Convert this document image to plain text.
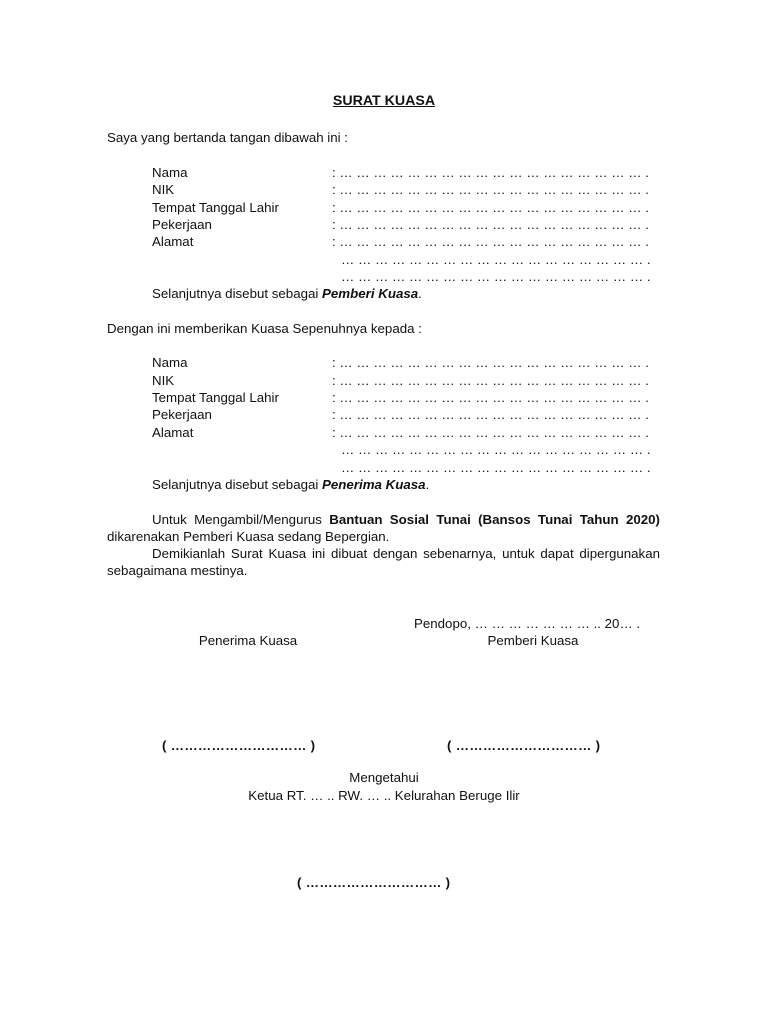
SURAT KUASA
Saya yang bertanda tangan dibawah ini :
Nama	: … … … … … … … … … … … … … … … … … … .
NIK	: … … … … … … … … … … … … … … … … … … .
Tempat Tanggal Lahir	: … … … … … … … … … … … … … … … … … … .
Pekerjaan	: … … … … … … … … … … … … … … … … … … .
Alamat	: … … … … … … … … … … … … … … … … … … .
… … … … … … … … … … … … … … … … … … .
… … … … … … … … … … … … … … … … … … .
Selanjutnya disebut sebagai Pemberi Kuasa.
Dengan ini memberikan Kuasa Sepenuhnya kepada :
Nama	: … … … … … … … … … … … … … … … … … … .
NIK	: … … … … … … … … … … … … … … … … … … .
Tempat Tanggal Lahir	: … … … … … … … … … … … … … … … … … … .
Pekerjaan	: … … … … … … … … … … … … … … … … … … .
Alamat	: … … … … … … … … … … … … … … … … … … .
… … … … … … … … … … … … … … … … … … .
… … … … … … … … … … … … … … … … … … .
Selanjutnya disebut sebagai Penerima Kuasa.
Untuk Mengambil/Mengurus Bantuan Sosial Tunai (Bansos Tunai Tahun 2020) dikarenakan Pemberi Kuasa sedang Bepergian.
Demikianlah Surat Kuasa ini dibuat dengan sebenarnya, untuk dapat dipergunakan sebagaimana mestinya.
Pendopo, … … … … … … … .. 20… .
Penerima Kuasa	Pemberi Kuasa
( ………………………… )	( ………………………… )
Mengetahui
Ketua RT. … .. RW. … .. Kelurahan Beruge Ilir
( ………………………… )
